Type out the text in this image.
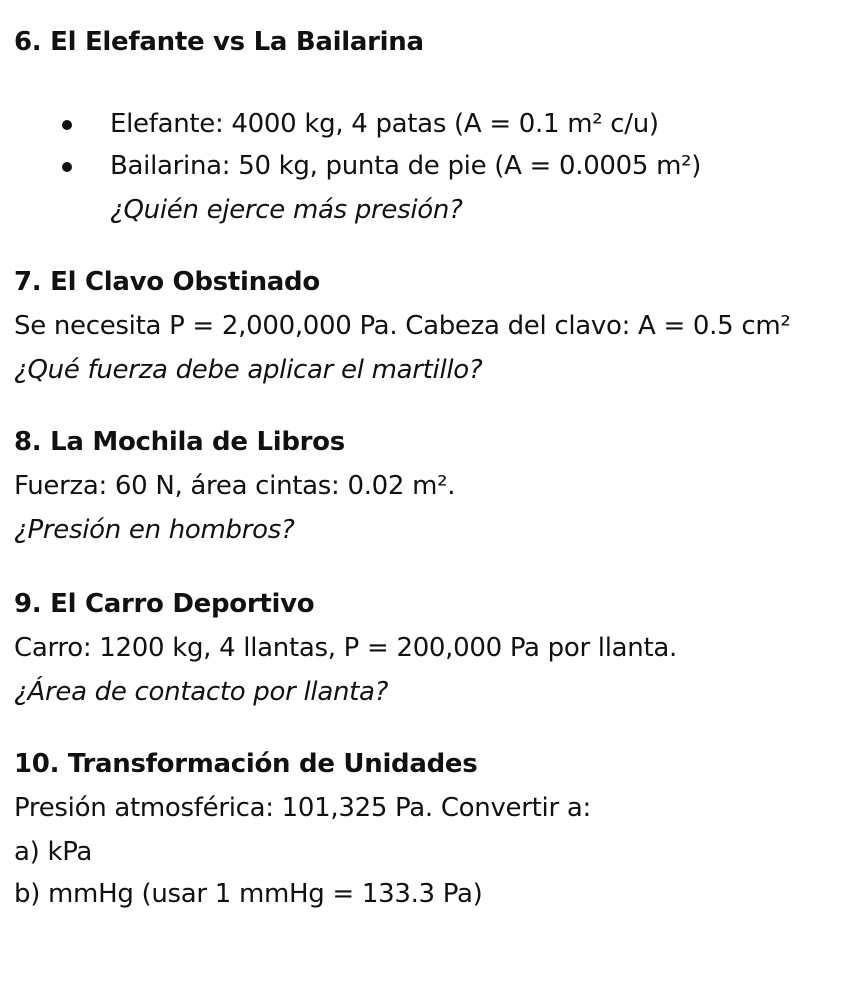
6. El Elefante vs La Bailarina

Elefante: 4000 kg, 4 patas (A = 0.1 m² c/u)
Bailarina: 50 kg, punta de pie (A = 0.0005 m²)

¿Quién ejerce más presión?

7. El Clavo Obstinado

Se necesita P = 2,000,000 Pa. Cabeza del clavo: A = 0.5 cm²

¿Qué fuerza debe aplicar el martillo?

8. La Mochila de Libros

Fuerza: 60 N, área cintas: 0.02 m².

¿Presión en hombros?

9. El Carro Deportivo

Carro: 1200 kg, 4 llantas, P = 200,000 Pa por llanta.

¿Área de contacto por llanta?

10. Transformación de Unidades

Presión atmosférica: 101,325 Pa. Convertir a:

a) kPa

b) mmHg (usar 1 mmHg = 133.3 Pa)
